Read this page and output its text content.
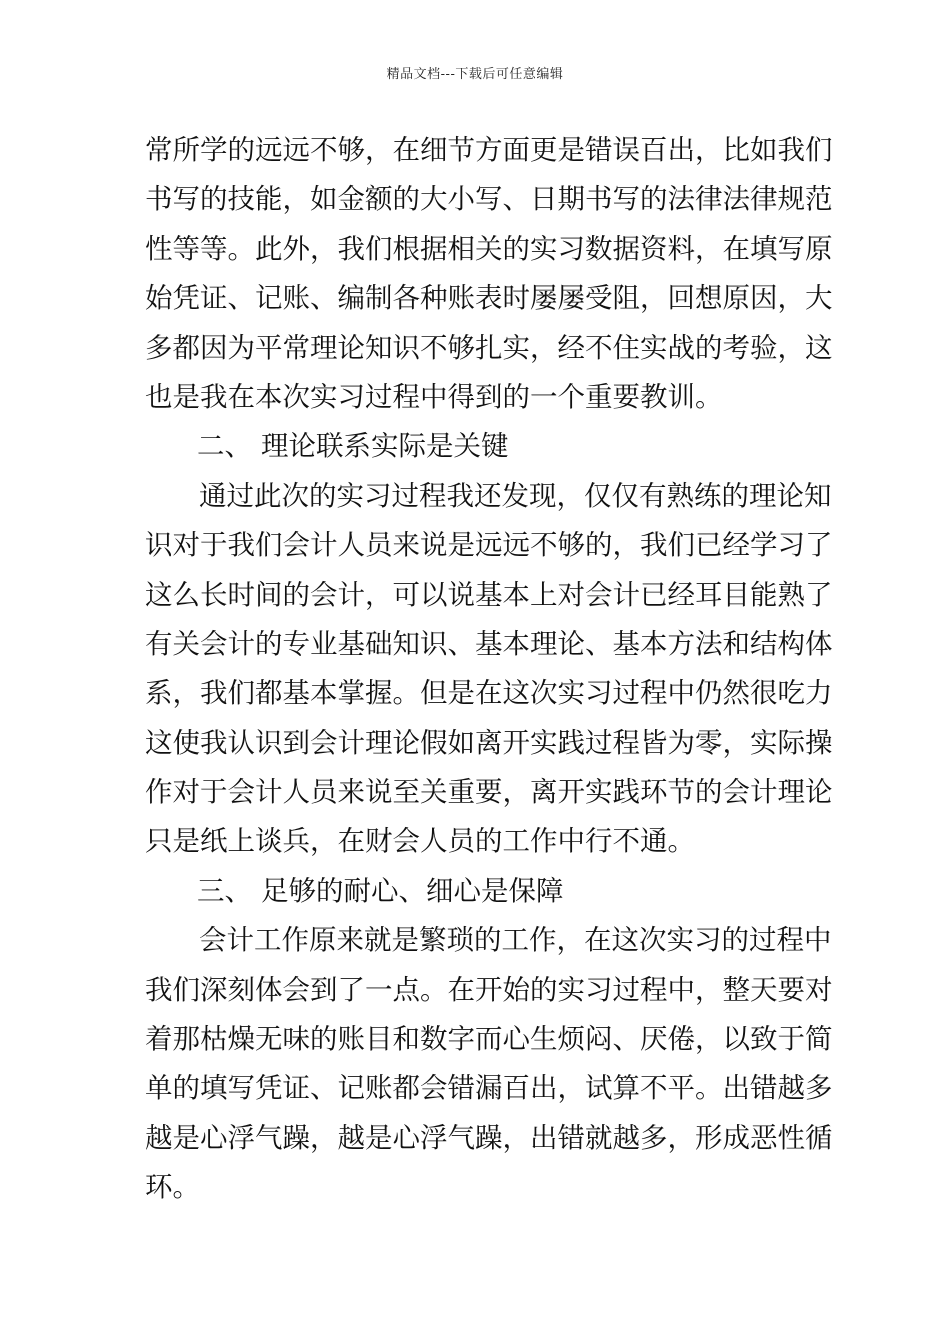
精品文档---下载后可任意编辑
常所学的远远不够，在细节方面更是错误百出，比如我们
书写的技能，如金额的大小写、日期书写的法律法律规范
性等等。此外，我们根据相关的实习数据资料，在填写原
始凭证、记账、编制各种账表时屡屡受阻，回想原因，大
多都因为平常理论知识不够扎实，经不住实战的考验，这
也是我在本次实习过程中得到的一个重要教训。
二、 理论联系实际是关键
通过此次的实习过程我还发现，仅仅有熟练的理论知
识对于我们会计人员来说是远远不够的，我们已经学习了
这么长时间的会计，可以说基本上对会计已经耳目能熟了
有关会计的专业基础知识、基本理论、基本方法和结构体
系，我们都基本掌握。但是在这次实习过程中仍然很吃力
这使我认识到会计理论假如离开实践过程皆为零，实际操
作对于会计人员来说至关重要，离开实践环节的会计理论
只是纸上谈兵，在财会人员的工作中行不通。
三、 足够的耐心、细心是保障
会计工作原来就是繁琐的工作，在这次实习的过程中
我们深刻体会到了一点。在开始的实习过程中，整天要对
着那枯燥无味的账目和数字而心生烦闷、厌倦，以致于简
单的填写凭证、记账都会错漏百出，试算不平。出错越多
越是心浮气躁，越是心浮气躁，出错就越多，形成恶性循
环。
